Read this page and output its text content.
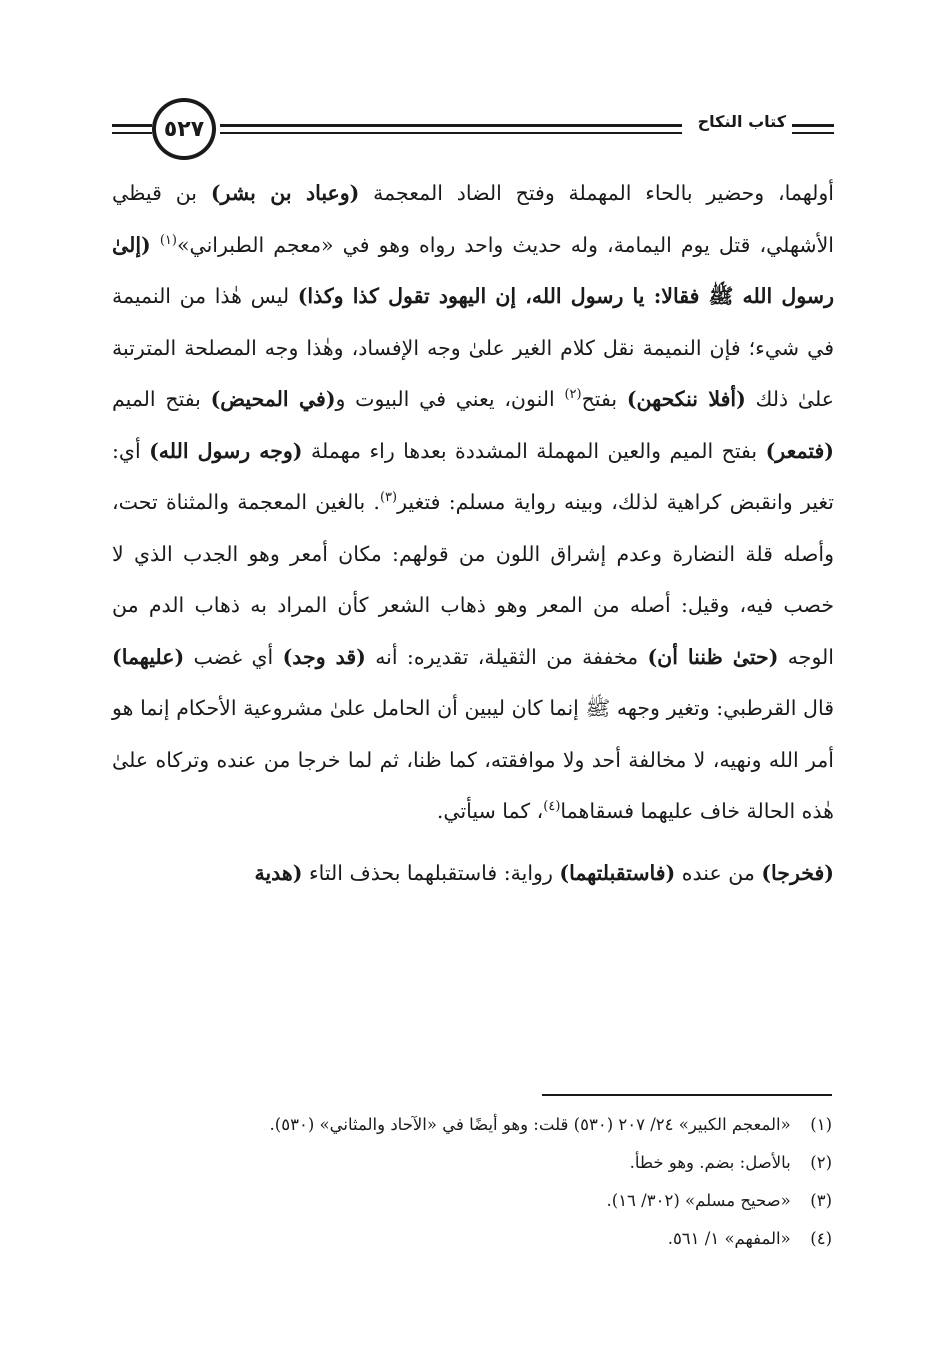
٥٢٧	كتاب النكاح

أولهما، وحضير بالحاء المهملة وفتح الضاد المعجمة (وعباد بن بشر) بن قيظي الأشهلي، قتل يوم اليمامة، وله حديث واحد رواه وهو في «معجم الطبراني»$^{(١)}$ (إلىٰ رسول الله ﷺ فقالا: يا رسول الله، إن اليهود تقول كذا وكذا) ليس هٰذا من النميمة في شيء؛ فإن النميمة نقل كلام الغير علىٰ وجه الإفساد، وهٰذا وجه المصلحة المترتبة علىٰ ذلك (أفلا ننكحهن) بفتح$^{(٢)}$ النون، يعني في البيوت و(في المحيض) بفتح الميم (فتمعر) بفتح الميم والعين المهملة المشددة بعدها راء مهملة (وجه رسول الله) أي: تغير وانقبض كراهية لذلك، وبينه رواية مسلم: فتغير$^{(٣)}$. بالغين المعجمة والمثناة تحت، وأصله قلة النضارة وعدم إشراق اللون من قولهم: مكان أمعر وهو الجدب الذي لا خصب فيه، وقيل: أصله من المعر وهو ذهاب الشعر كأن المراد به ذهاب الدم من الوجه (حتىٰ ظننا أن) مخففة من الثقيلة، تقديره: أنه (قد وجد) أي غضب (عليهما) قال القرطبي: وتغير وجهه ﷺ إنما كان ليبين أن الحامل علىٰ مشروعية الأحكام إنما هو أمر الله ونهيه، لا مخالفة أحد ولا موافقته، كما ظنا، ثم لما خرجا من عنده وتركاه علىٰ هٰذه الحالة خاف عليهما فسقاهما$^{(٤)}$، كما سيأتي.

(فخرجا) من عنده (فاستقبلتهما) رواية: فاستقبلهما بحذف التاء (هدية

(١) «المعجم الكبير» ٢٤/ ٢٠٧ (٥٣٠) قلت: وهو أيضًا في «الآحاد والمثاني» (٥٣٠).
(٢) بالأصل: بضم. وهو خطأ.
(٣) «صحيح مسلم» (٣٠٢/ ١٦).
(٤) «المفهم» ١/ ٥٦١.
